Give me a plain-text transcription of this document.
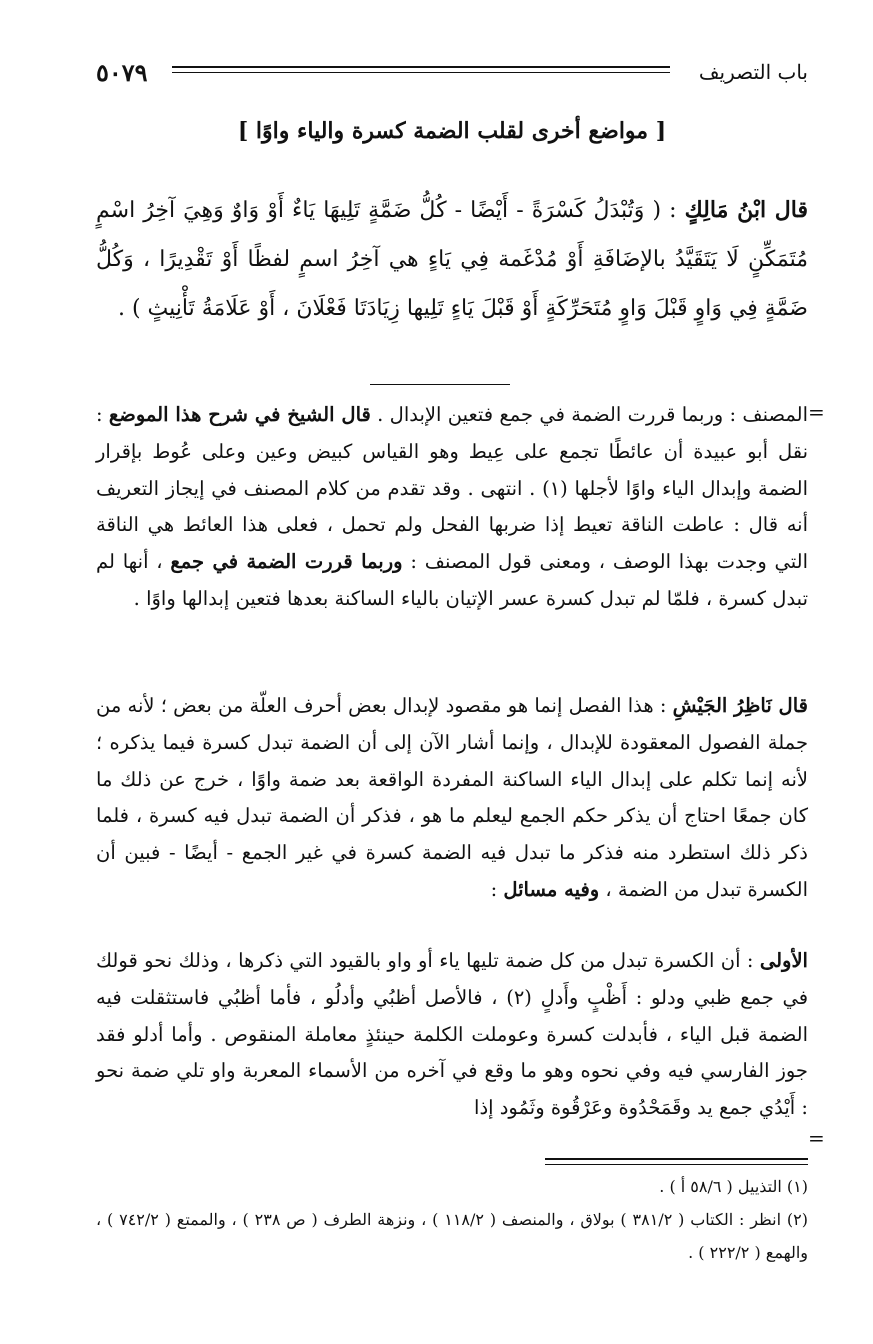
٥٠٧٩	باب التصريف
[ مواضع أخرى لقلب الضمة كسرة والياء واوًا ]

قال ابْنُ مَالِكٍ : ( وَتُبْدَلُ كَسْرَةً - أَيْضًا - كُلُّ ضَمَّةٍ تَلِيهَا يَاءٌ أَوْ وَاوٌ وَهِيَ آخِرُ اسْمٍ مُتَمَكِّنٍ لَا يَتَقَيَّدُ بالإضَافَةِ أَوْ مُدْغَمة فِي يَاءٍ هي آخِرُ اسمٍ لفظًا أَوْ تَقْدِيرًا ، وَكُلُّ ضَمَّةٍ فِي وَاوٍ قَبْلَ وَاوٍ مُتَحَرِّكَةٍ أَوْ قَبْلَ يَاءٍ تَلِيها زِيَادَتَا فَعْلَانَ ، أَوْ عَلَامَةُ تَأْنِيثٍ ) .

=

المصنف : وربما قررت الضمة في جمع فتعين الإبدال . قال الشيخ في شرح هذا الموضع : نقل أبو عبيدة أن عائطًا تجمع على عِيط وهو القياس كبيض وعين وعلى عُوط بإقرار الضمة وإبدال الياء واوًا لأجلها (١) . انتهى . وقد تقدم من كلام المصنف في إيجاز التعريف أنه قال : عاطت الناقة تعيط إذا ضربها الفحل ولم تحمل ، فعلى هذا العائط هي الناقة التي وجدت بهذا الوصف ، ومعنى قول المصنف : وربما قررت الضمة في جمع ، أنها لم تبدل كسرة ، فلمّا لم تبدل كسرة عسر الإتيان بالياء الساكنة بعدها فتعين إبدالها واوًا .

قال نَاظِرُ الجَيْشِ : هذا الفصل إنما هو مقصود لإبدال بعض أحرف العلّة من بعض ؛ لأنه من جملة الفصول المعقودة للإبدال ، وإنما أشار الآن إلى أن الضمة تبدل كسرة فيما يذكره ؛ لأنه إنما تكلم على إبدال الياء الساكنة المفردة الواقعة بعد ضمة واوًا ، خرج عن ذلك ما كان جمعًا احتاج أن يذكر حكم الجمع ليعلم ما هو ، فذكر أن الضمة تبدل فيه كسرة ، فلما ذكر ذلك استطرد منه فذكر ما تبدل فيه الضمة كسرة في غير الجمع - أيضًا - فبين أن الكسرة تبدل من الضمة ، وفيه مسائل :

الأولى : أن الكسرة تبدل من كل ضمة تليها ياء أو واو بالقيود التي ذكرها ، وذلك نحو قولك في جمع ظبي ودلو : أَظْبٍ وأَدلٍ (٢) ، فالأصل أظبُي وأدلُو ، فأما أظبُي فاستثقلت فيه الضمة قبل الياء ، فأبدلت كسرة وعوملت الكلمة حينئذٍ معاملة المنقوص . وأما أدلو فقد جوز الفارسي فيه وفي نحوه وهو ما وقع في آخره من الأسماء المعربة واو تلي ضمة نحو : أَيْدُي جمع يد وقَمَحْدُوة وعَرْقُوة وثَمُود إذا

=
(١) التذييل ( ٥٨/٦ أ ) .
(٢) انظر : الكتاب ( ٣٨١/٢ ) بولاق ، والمنصف ( ١١٨/٢ ) ، ونزهة الطرف ( ص ٢٣٨ ) ، والممتع ( ٧٤٢/٢ ) ، والهمع ( ٢٢٢/٢ ) .
